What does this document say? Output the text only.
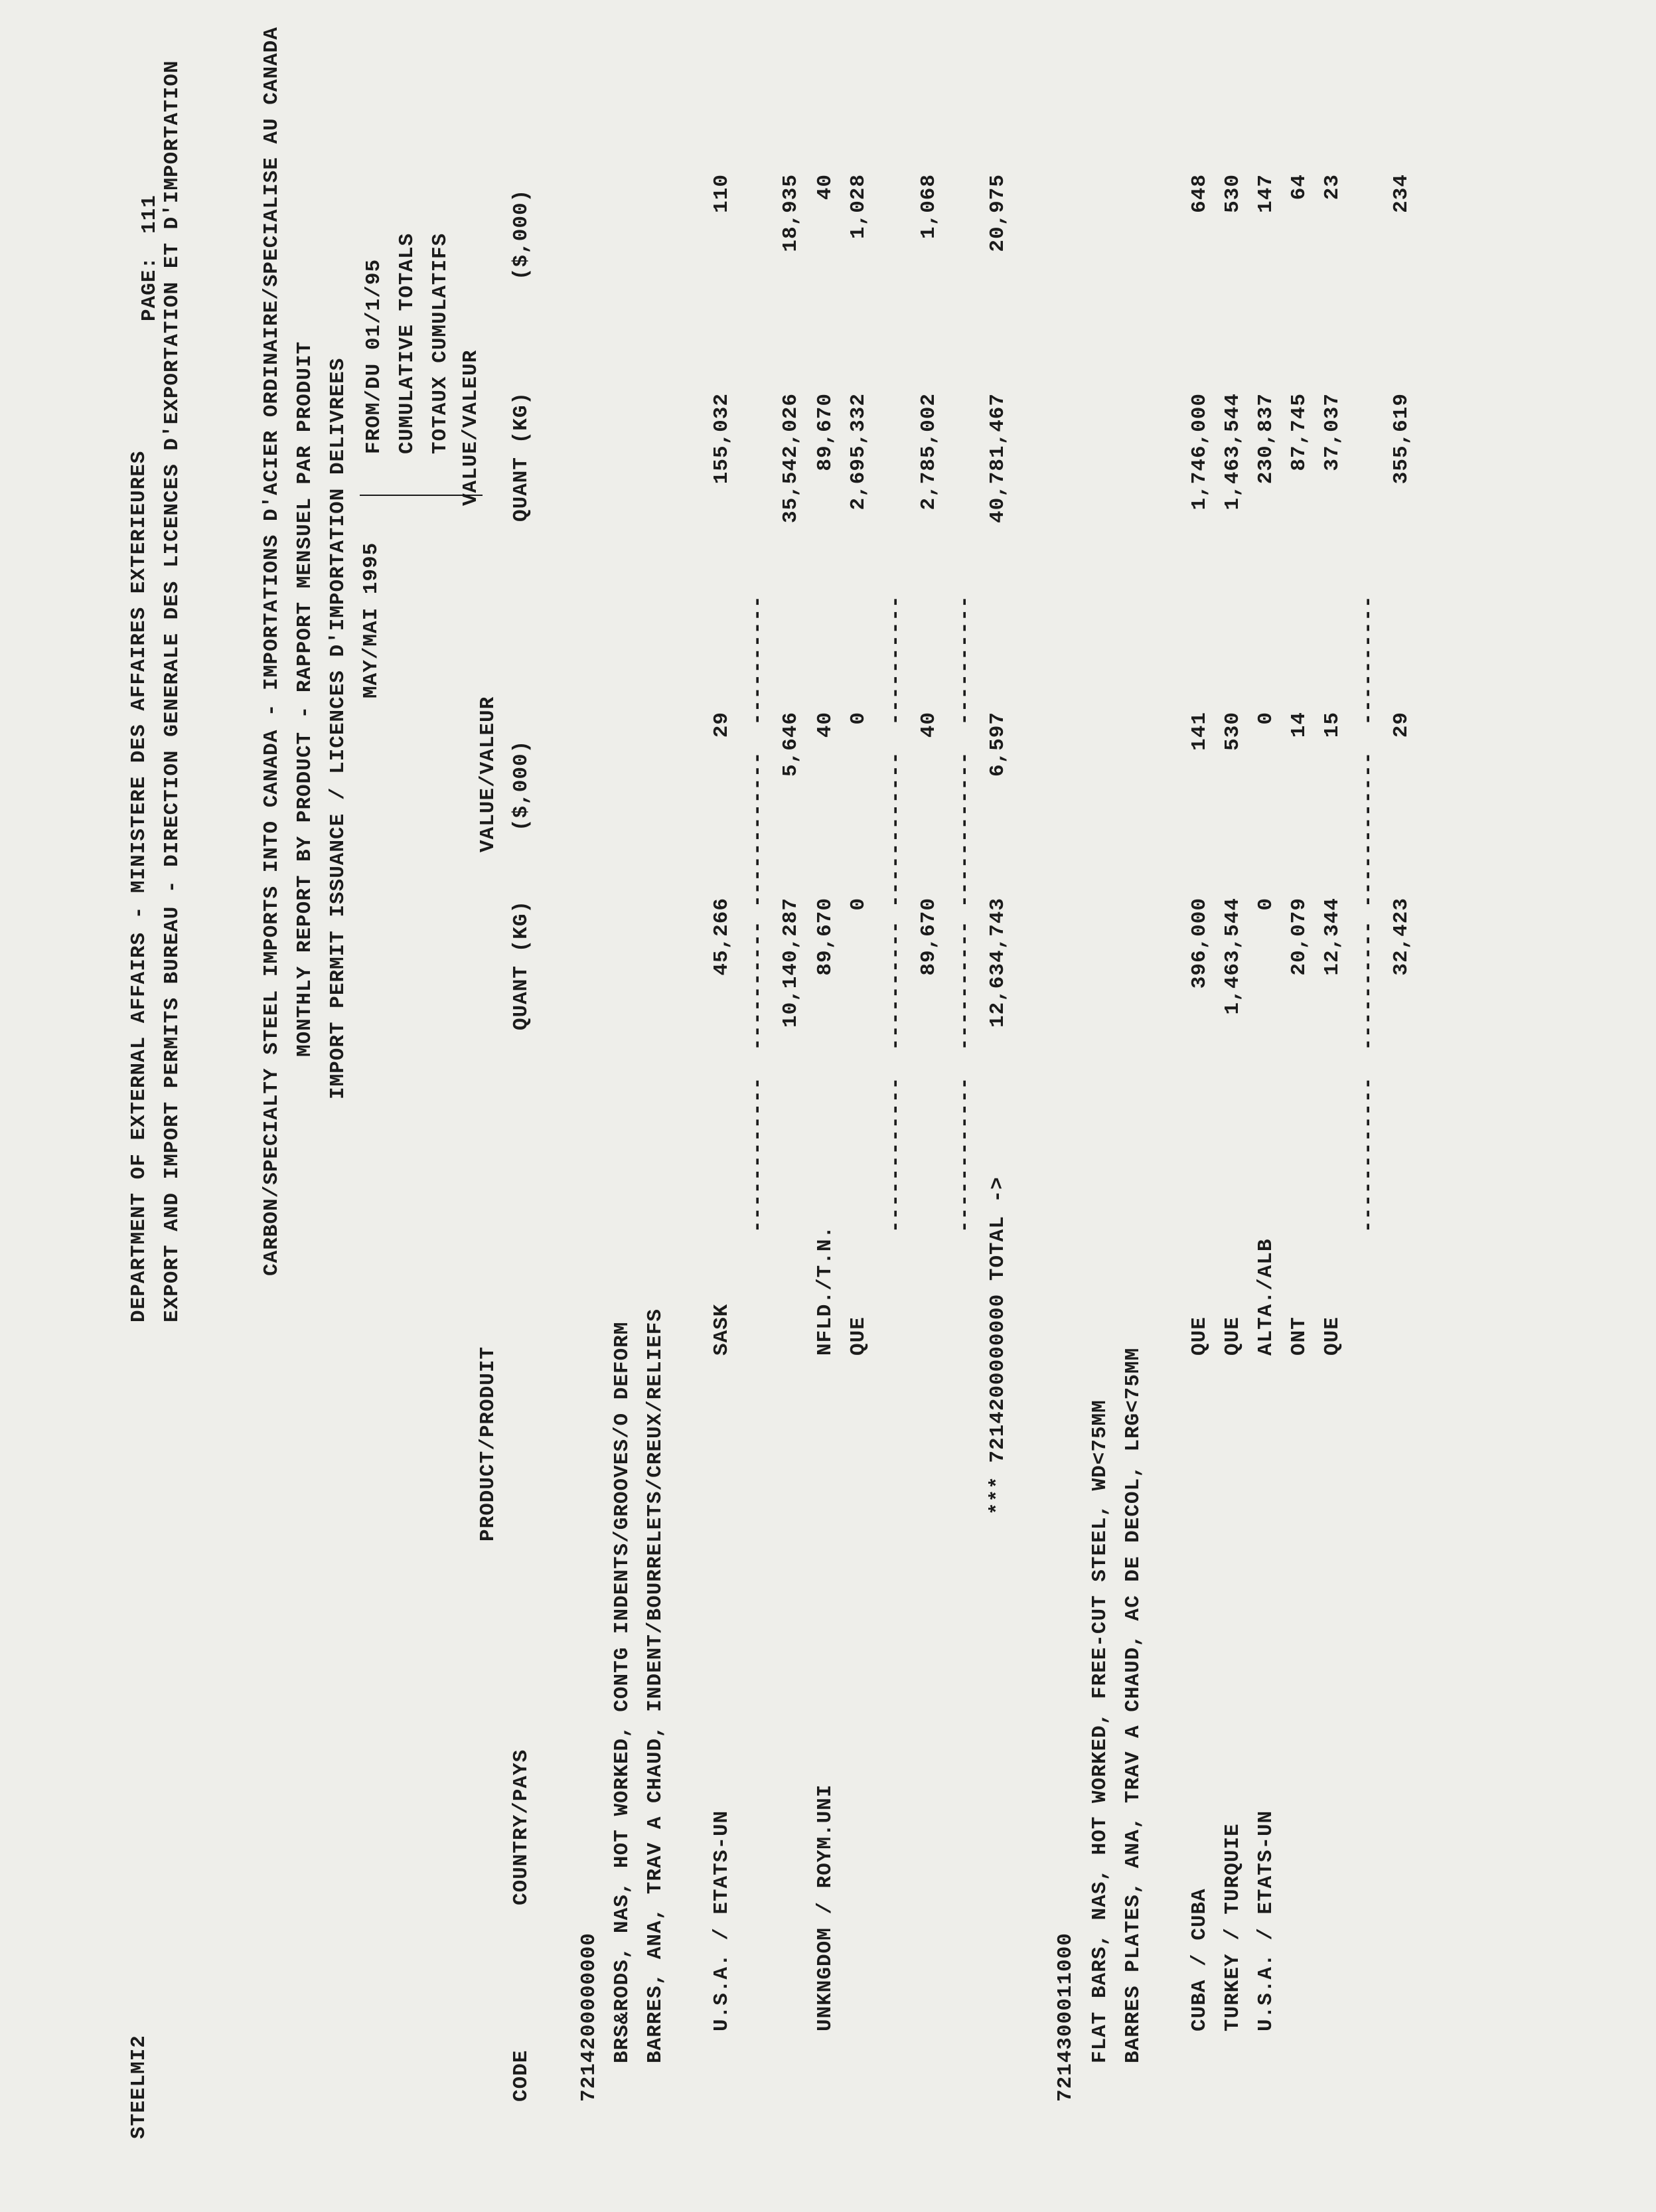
STEELMI2
DEPARTMENT OF EXTERNAL AFFAIRS - MINISTERE DES AFFAIRES EXTERIEURES
PAGE:
111 EXPORT AND IMPORT PERMITS BUREAU - DIRECTION GENERALE DES LICENCES D'EXPORTATION ET D'IMPORTATION	CARBON/SPECIALTY STEEL IMPORTS INTO CANADA - IMPORTATIONS D'ACIER ORDINAIRE/SPECIALISE AU CANADA MONTHLY REPORT BY PRODUCT - RAPPORT MENSUEL PAR PRODUIT IMPORT PERMIT ISSUANCE / LICENCES D'IMPORTATION DELIVREES MAY/MAI 1995
FROM/DU 01/1/95 CUMULATIVE TOTALS TOTAUX CUMULATIFS VALUE/VALEUR
VALUE/VALEUR
PRODUCT/PRODUIT
CODE
COUNTRY/PAYS
QUANT (KG)
($,000)
QUANT (KG)
($,000)
7214200000000 BRS&RODS, NAS, HOT WORKED, CONTG INDENTS/GROOVES/O DEFORM BARRES, ANA, TRAV A CHAUD, INDENT/BOURRELETS/CREUX/RELIEFS U.S.A. / ETATS-UN
SASK
45,266
29
155,032
110
------------  ---------- ------------  ---------- 10,140,287
5,646
35,542,026
18,935
UNKNGDOM / ROYM.UNI
NFLD./T.N.
89,670
40
89,670
40
QUE
0
0
2,695,332
1,028
------------  ---------- ------------  ---------- 89,670
40
2,785,002
1,068
------------  ---------- ------------  ----------
*** 7214200000000 TOTAL ->
12,634,743
6,597
40,781,467
20,975
7214300011000 FLAT BARS, NAS, HOT WORKED, FREE-CUT STEEL, WD<75MM BARRES PLATES, ANA, TRAV A CHAUD, AC DE DECOL, LRG<75MM CUBA / CUBA
QUE
396,000
141
1,746,000
648
TURKEY / TURQUIE
QUE
1,463,544
530
1,463,544
530
U.S.A. / ETATS-UN
ALTA./ALB
0
0
230,837
147
ONT
20,079
14
87,745
64
QUE
12,344
15
37,037
23
------------  ---------- ------------  ---------- 32,423
29
355,619
234
